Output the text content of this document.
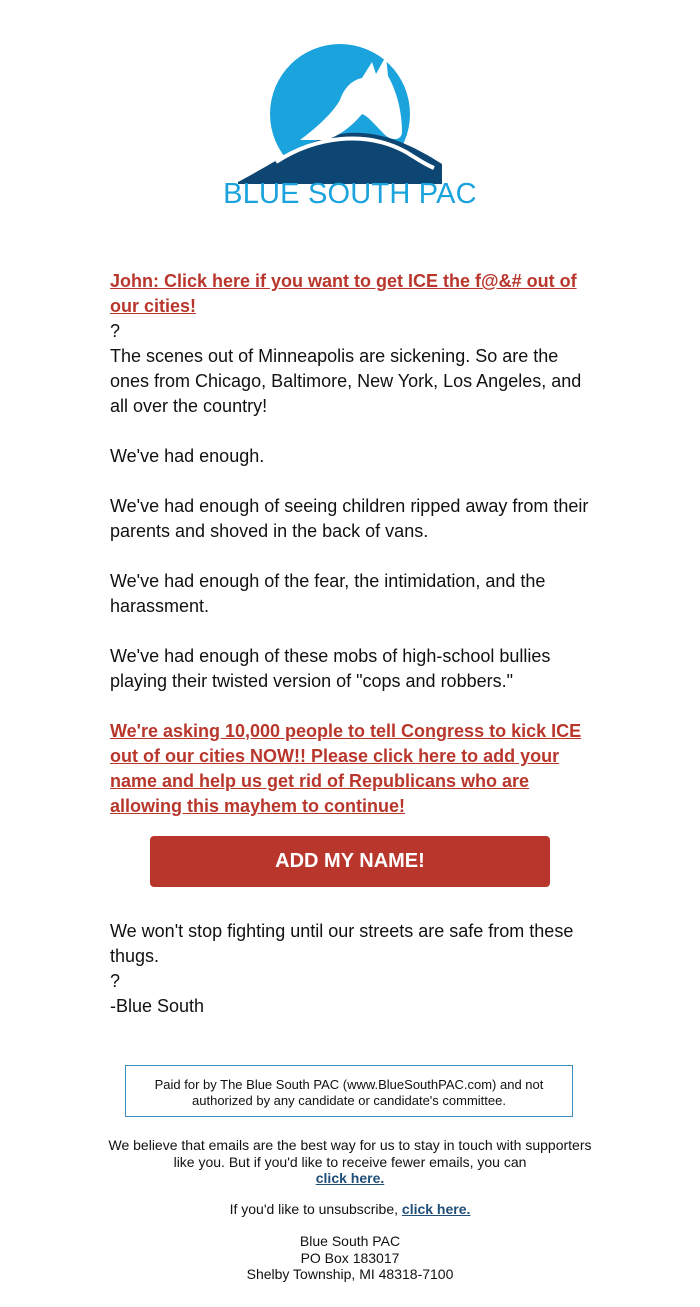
BLUE SOUTH PAC

John: Click here if you want to get ICE the f@&# out of our cities!

?

The scenes out of Minneapolis are sickening. So are the ones from Chicago, Baltimore, New York, Los Angeles, and all over the country!

We've had enough.

We've had enough of seeing children ripped away from their parents and shoved in the back of vans.

We've had enough of the fear, the intimidation, and the harassment.

We've had enough of these mobs of high-school bullies playing their twisted version of "cops and robbers."

We're asking 10,000 people to tell Congress to kick ICE out of our cities NOW!! Please click here to add your name and help us get rid of Republicans who are allowing this mayhem to continue!

ADD MY NAME!

We won't stop fighting until our streets are safe from these thugs.

?

-Blue South

Paid for by The Blue South PAC (www.BlueSouthPAC.com) and not authorized by any candidate or candidate's committee.
We believe that emails are the best way for us to stay in touch with supporters like you. But if you'd like to receive fewer emails, you can
click here.
If you'd like to unsubscribe, click here.
Blue South PAC
PO Box 183017
Shelby Township, MI 48318-7100
